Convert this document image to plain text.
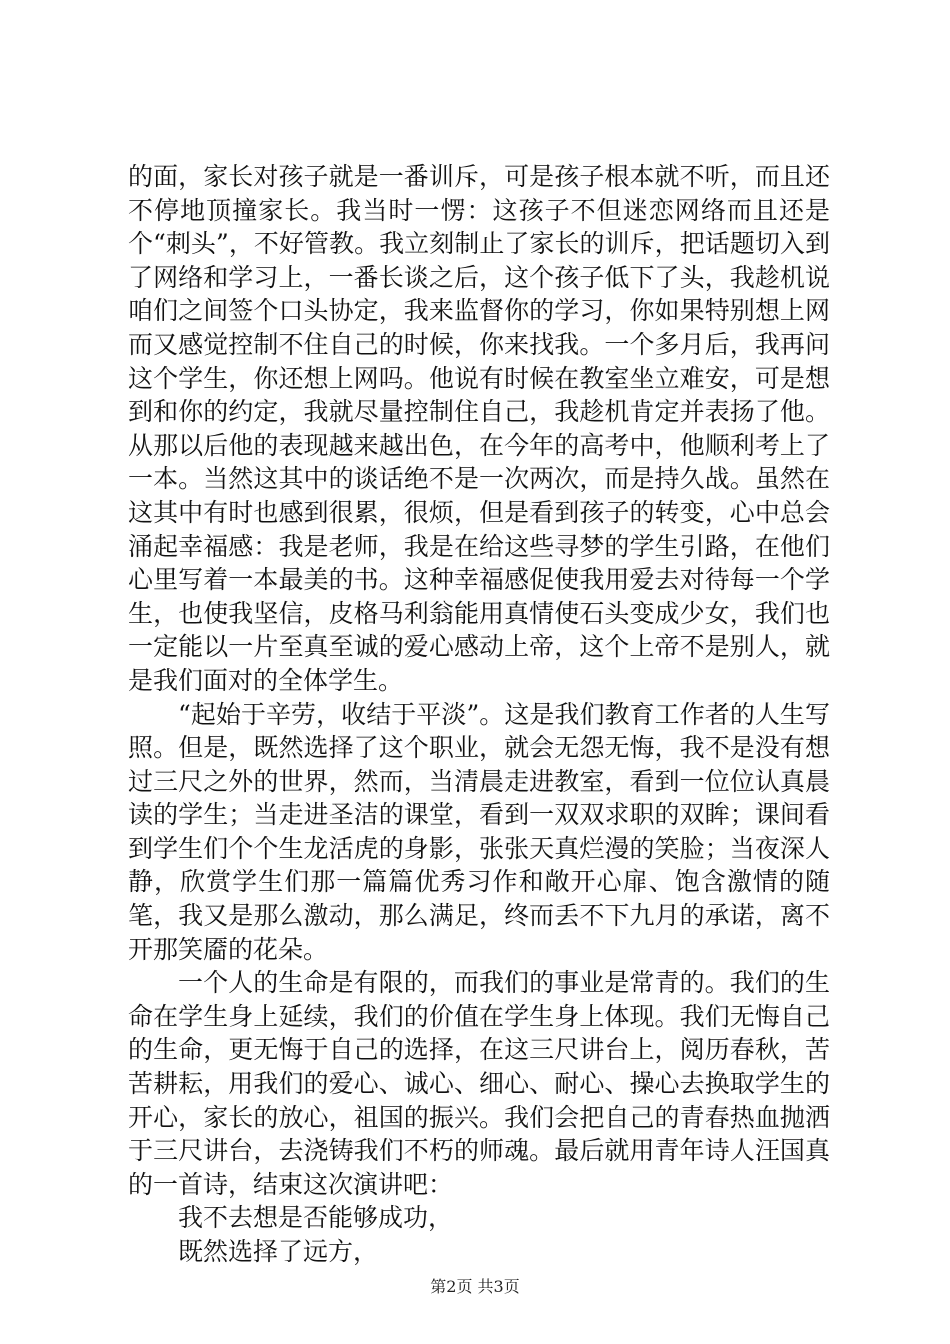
的面，家长对孩子就是一番训斥，可是孩子根本就不听，而且还不停地顶撞家长。我当时一愣：这孩子不但迷恋网络而且还是个“刺头”，不好管教。我立刻制止了家长的训斥，把话题切入到了网络和学习上，一番长谈之后，这个孩子低下了头，我趁机说咱们之间签个口头协定，我来监督你的学习，你如果特别想上网而又感觉控制不住自己的时候，你来找我。一个多月后，我再问这个学生，你还想上网吗。他说有时候在教室坐立难安，可是想到和你的约定，我就尽量控制住自己，我趁机肯定并表扬了他。从那以后他的表现越来越出色，在今年的高考中，他顺利考上了一本。当然这其中的谈话绝不是一次两次，而是持久战。虽然在这其中有时也感到很累，很烦，但是看到孩子的转变，心中总会涌起幸福感：我是老师，我是在给这些寻梦的学生引路，在他们心里写着一本最美的书。这种幸福感促使我用爱去对待每一个学生，也使我坚信，皮格马利翁能用真情使石头变成少女，我们也一定能以一片至真至诚的爱心感动上帝，这个上帝不是别人，就是我们面对的全体学生。

“起始于辛劳，收结于平淡”。这是我们教育工作者的人生写照。但是，既然选择了这个职业，就会无怨无悔，我不是没有想过三尺之外的世界，然而，当清晨走进教室，看到一位位认真晨读的学生；当走进圣洁的课堂，看到一双双求职的双眸；课间看到学生们个个生龙活虎的身影，张张天真烂漫的笑脸；当夜深人静，欣赏学生们那一篇篇优秀习作和敞开心扉、饱含激情的随笔，我又是那么激动，那么满足，终而丢不下九月的承诺，离不开那笑靥的花朵。

一个人的生命是有限的，而我们的事业是常青的。我们的生命在学生身上延续，我们的价值在学生身上体现。我们无悔自己的生命，更无悔于自己的选择，在这三尺讲台上，阅历春秋，苦苦耕耘，用我们的爱心、诚心、细心、耐心、操心去换取学生的开心，家长的放心，祖国的振兴。我们会把自己的青春热血抛洒于三尺讲台，去浇铸我们不朽的师魂。最后就用青年诗人汪国真的一首诗，结束这次演讲吧：

我不去想是否能够成功，

既然选择了远方，

第2页 共3页
